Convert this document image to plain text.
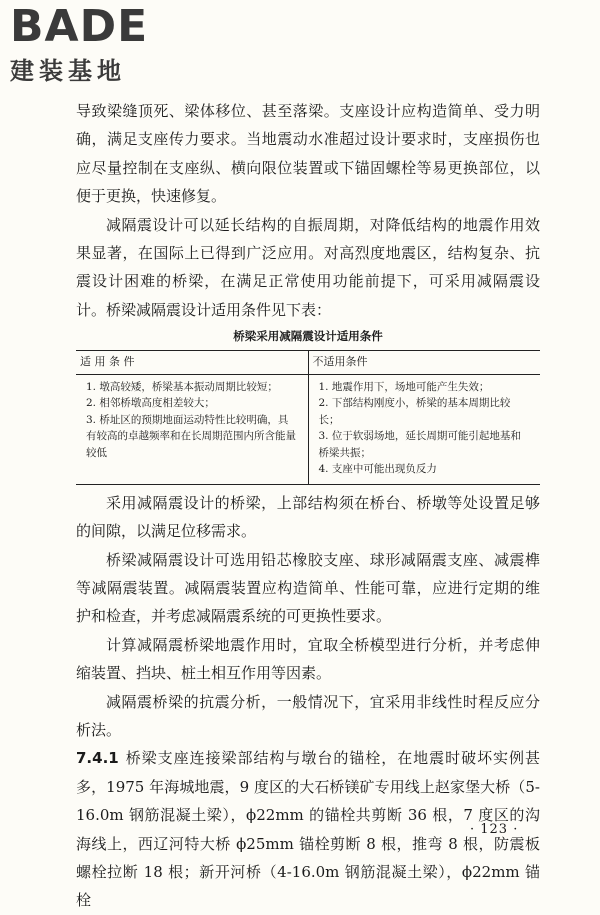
BADE
建装基地

导致梁缝顶死、梁体移位、甚至落梁。支座设计应构造简单、受力明确，满足支座传力要求。当地震动水准超过设计要求时，支座损伤也应尽量控制在支座纵、横向限位装置或下锚固螺栓等易更换部位，以便于更换，快速修复。

减隔震设计可以延长结构的自振周期，对降低结构的地震作用效果显著，在国际上已得到广泛应用。对高烈度地震区，结构复杂、抗震设计困难的桥梁，在满足正常使用功能前提下，可采用减隔震设计。桥梁减隔震设计适用条件见下表：

桥梁采用减隔震设计适用条件
适 用 条 件	不适用条件

1. 墩高较矮，桥梁基本振动周期比较短；
2. 相邻桥墩高度相差较大；
3. 桥址区的预期地面运动特性比较明确，具有较高的卓越频率和在长周期范围内所含能量较低	1. 地震作用下，场地可能产生失效；
2. 下部结构刚度小，桥梁的基本周期比较长；
3. 位于软弱场地，延长周期可能引起地基和桥梁共振；
4. 支座中可能出现负反力

采用减隔震设计的桥梁，上部结构须在桥台、桥墩等处设置足够的间隙，以满足位移需求。

桥梁减隔震设计可选用铅芯橡胶支座、球形减隔震支座、减震榫等减隔震装置。减隔震装置应构造简单、性能可靠，应进行定期的维护和检查，并考虑减隔震系统的可更换性要求。

计算减隔震桥梁地震作用时，宜取全桥模型进行分析，并考虑伸缩装置、挡块、桩土相互作用等因素。

减隔震桥梁的抗震分析，一般情况下，宜采用非线性时程反应分析法。

7.4.1 桥梁支座连接梁部结构与墩台的锚栓，在地震时破坏实例甚多，1975 年海城地震，9 度区的大石桥镁矿专用线上赵家堡大桥（5-16.0m 钢筋混凝土梁），ϕ22mm 的锚栓共剪断 36 根，7 度区的沟海线上，西辽河特大桥 ϕ25mm 锚栓剪断 8 根，推弯 8 根，防震板螺栓拉断 18 根；新开河桥（4-16.0m 钢筋混凝土梁），ϕ22mm 锚栓

· 123 ·
